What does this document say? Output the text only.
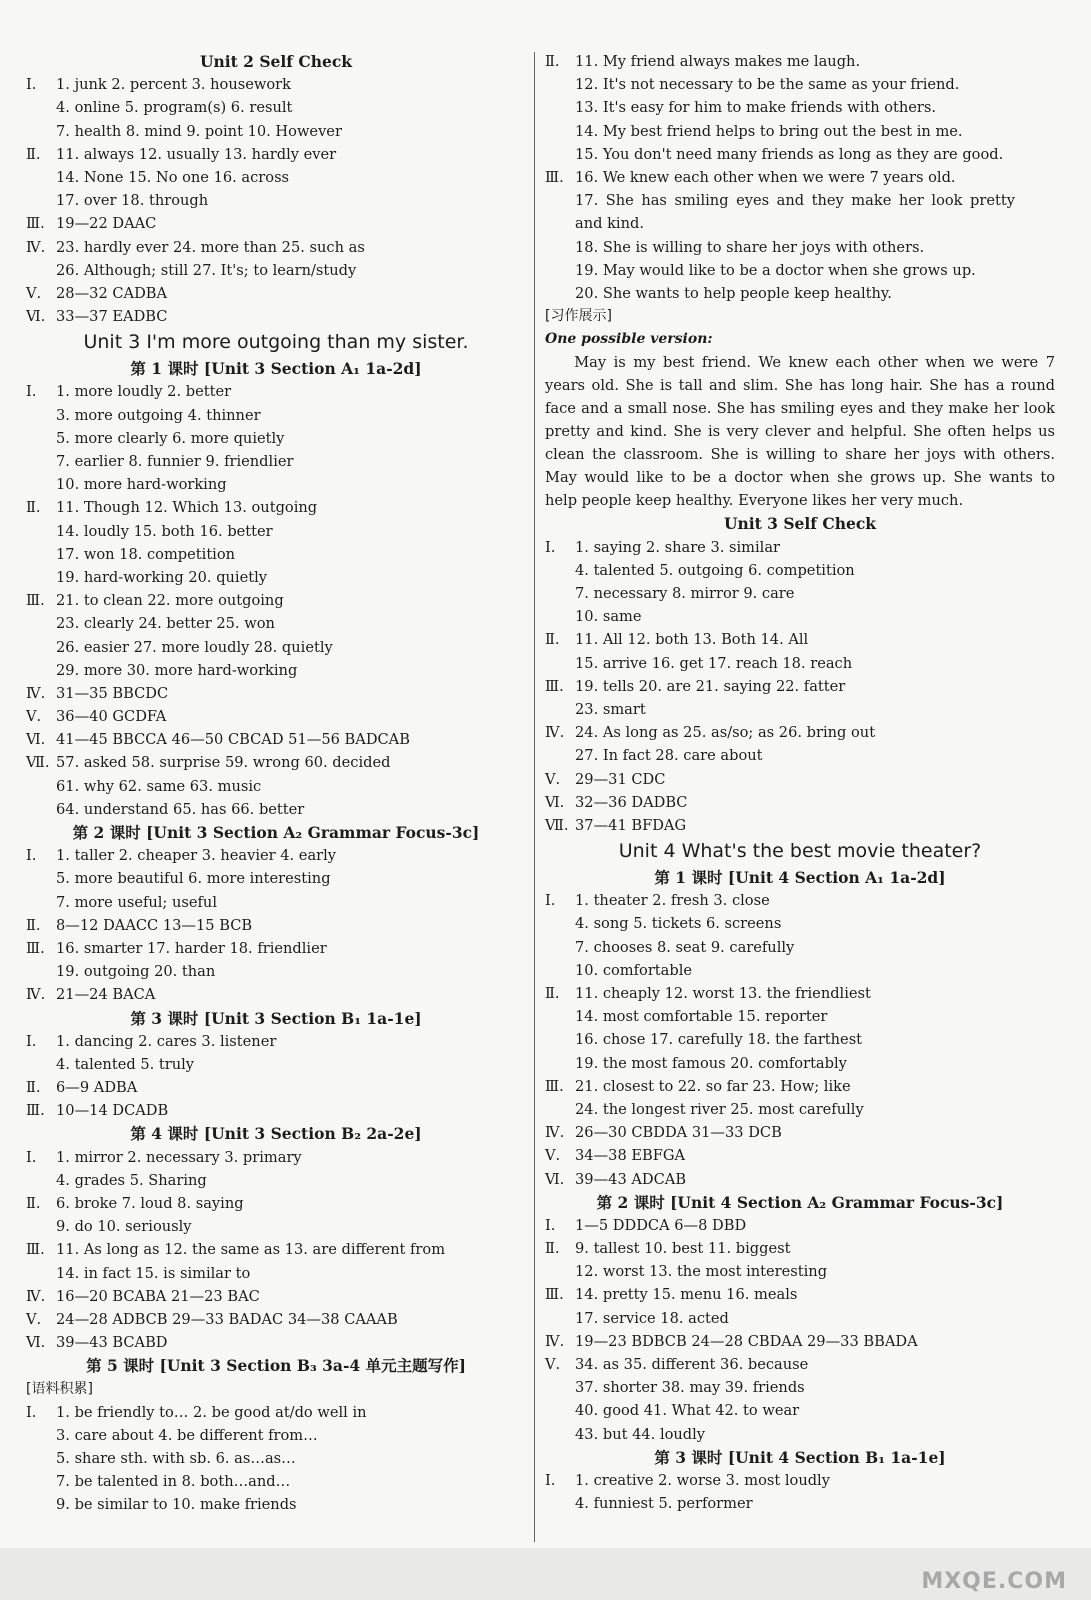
Unit 2 Self Check
Ⅰ. 1. junk 2. percent 3. housework
4. online 5. program(s) 6. result
7. health 8. mind 9. point 10. However
Ⅱ. 11. always 12. usually 13. hardly ever
14. None 15. No one 16. across
17. over 18. through
Ⅲ. 19—22 DAAC
Ⅳ. 23. hardly ever 24. more than 25. such as
26. Although; still 27. It's; to learn/study
Ⅴ. 28—32 CADBA
Ⅵ. 33—37 EADBC
Unit 3 I'm more outgoing than my sister.
第 1 课时 [Unit 3 Section A₁ 1a-2d]
Ⅰ. 1. more loudly 2. better
3. more outgoing 4. thinner
5. more clearly 6. more quietly
7. earlier 8. funnier 9. friendlier
10. more hard-working
Ⅱ. 11. Though 12. Which 13. outgoing
14. loudly 15. both 16. better
17. won 18. competition
19. hard-working 20. quietly
Ⅲ. 21. to clean 22. more outgoing
23. clearly 24. better 25. won
26. easier 27. more loudly 28. quietly
29. more 30. more hard-working
Ⅳ. 31—35 BBCDC
Ⅴ. 36—40 GCDFA
Ⅵ. 41—45 BBCCA 46—50 CBCAD 51—56 BADCAB
Ⅶ. 57. asked 58. surprise 59. wrong 60. decided
61. why 62. same 63. music
64. understand 65. has 66. better
第 2 课时 [Unit 3 Section A₂ Grammar Focus-3c]
Ⅰ. 1. taller 2. cheaper 3. heavier 4. early
5. more beautiful 6. more interesting
7. more useful; useful
Ⅱ. 8—12 DAACC 13—15 BCB
Ⅲ. 16. smarter 17. harder 18. friendlier
19. outgoing 20. than
Ⅳ. 21—24 BACA
第 3 课时 [Unit 3 Section B₁ 1a-1e]
Ⅰ. 1. dancing 2. cares 3. listener
4. talented 5. truly
Ⅱ. 6—9 ADBA
Ⅲ. 10—14 DCADB
第 4 课时 [Unit 3 Section B₂ 2a-2e]
Ⅰ. 1. mirror 2. necessary 3. primary
4. grades 5. Sharing
Ⅱ. 6. broke 7. loud 8. saying
9. do 10. seriously
Ⅲ. 11. As long as 12. the same as 13. are different from
14. in fact 15. is similar to
Ⅳ. 16—20 BCABA 21—23 BAC
Ⅴ. 24—28 ADBCB 29—33 BADAC 34—38 CAAAB
Ⅵ. 39—43 BCABD
第 5 课时 [Unit 3 Section B₃ 3a-4 单元主题写作]
[语料积累]
Ⅰ. 1. be friendly to… 2. be good at/do well in
3. care about 4. be different from…
5. share sth. with sb. 6. as…as…
7. be talented in 8. both…and…
9. be similar to 10. make friends
Ⅱ. 11. My friend always makes me laugh.
12. It's not necessary to be the same as your friend.
13. It's easy for him to make friends with others.
14. My best friend helps to bring out the best in me.
15. You don't need many friends as long as they are good.
Ⅲ. 16. We knew each other when we were 7 years old.
17. She has smiling eyes and they make her look pretty and kind.
18. She is willing to share her joys with others.
19. May would like to be a doctor when she grows up.
20. She wants to help people keep healthy.
[习作展示]
One possible version:
May is my best friend. We knew each other when we were 7 years old. She is tall and slim. She has long hair. She has a round face and a small nose. She has smiling eyes and they make her look pretty and kind. She is very clever and helpful. She often helps us clean the classroom. She is willing to share her joys with others. May would like to be a doctor when she grows up. She wants to help people keep healthy. Everyone likes her very much.
Unit 3 Self Check
Ⅰ. 1. saying 2. share 3. similar
4. talented 5. outgoing 6. competition
7. necessary 8. mirror 9. care
10. same
Ⅱ. 11. All 12. both 13. Both 14. All
15. arrive 16. get 17. reach 18. reach
Ⅲ. 19. tells 20. are 21. saying 22. fatter
23. smart
Ⅳ. 24. As long as 25. as/so; as 26. bring out
27. In fact 28. care about
Ⅴ. 29—31 CDC
Ⅵ. 32—36 DADBC
Ⅶ. 37—41 BFDAG
Unit 4 What's the best movie theater?
第 1 课时 [Unit 4 Section A₁ 1a-2d]
Ⅰ. 1. theater 2. fresh 3. close
4. song 5. tickets 6. screens
7. chooses 8. seat 9. carefully
10. comfortable
Ⅱ. 11. cheaply 12. worst 13. the friendliest
14. most comfortable 15. reporter
16. chose 17. carefully 18. the farthest
19. the most famous 20. comfortably
Ⅲ. 21. closest to 22. so far 23. How; like
24. the longest river 25. most carefully
Ⅳ. 26—30 CBDDA 31—33 DCB
Ⅴ. 34—38 EBFGA
Ⅵ. 39—43 ADCAB
第 2 课时 [Unit 4 Section A₂ Grammar Focus-3c]
Ⅰ. 1—5 DDDCA 6—8 DBD
Ⅱ. 9. tallest 10. best 11. biggest
12. worst 13. the most interesting
Ⅲ. 14. pretty 15. menu 16. meals
17. service 18. acted
Ⅳ. 19—23 BDBCB 24—28 CBDAA 29—33 BBADA
Ⅴ. 34. as 35. different 36. because
37. shorter 38. may 39. friends
40. good 41. What 42. to wear
43. but 44. loudly
第 3 课时 [Unit 4 Section B₁ 1a-1e]
Ⅰ. 1. creative 2. worse 3. most loudly
4. funniest 5. performer
MXQE.COM
